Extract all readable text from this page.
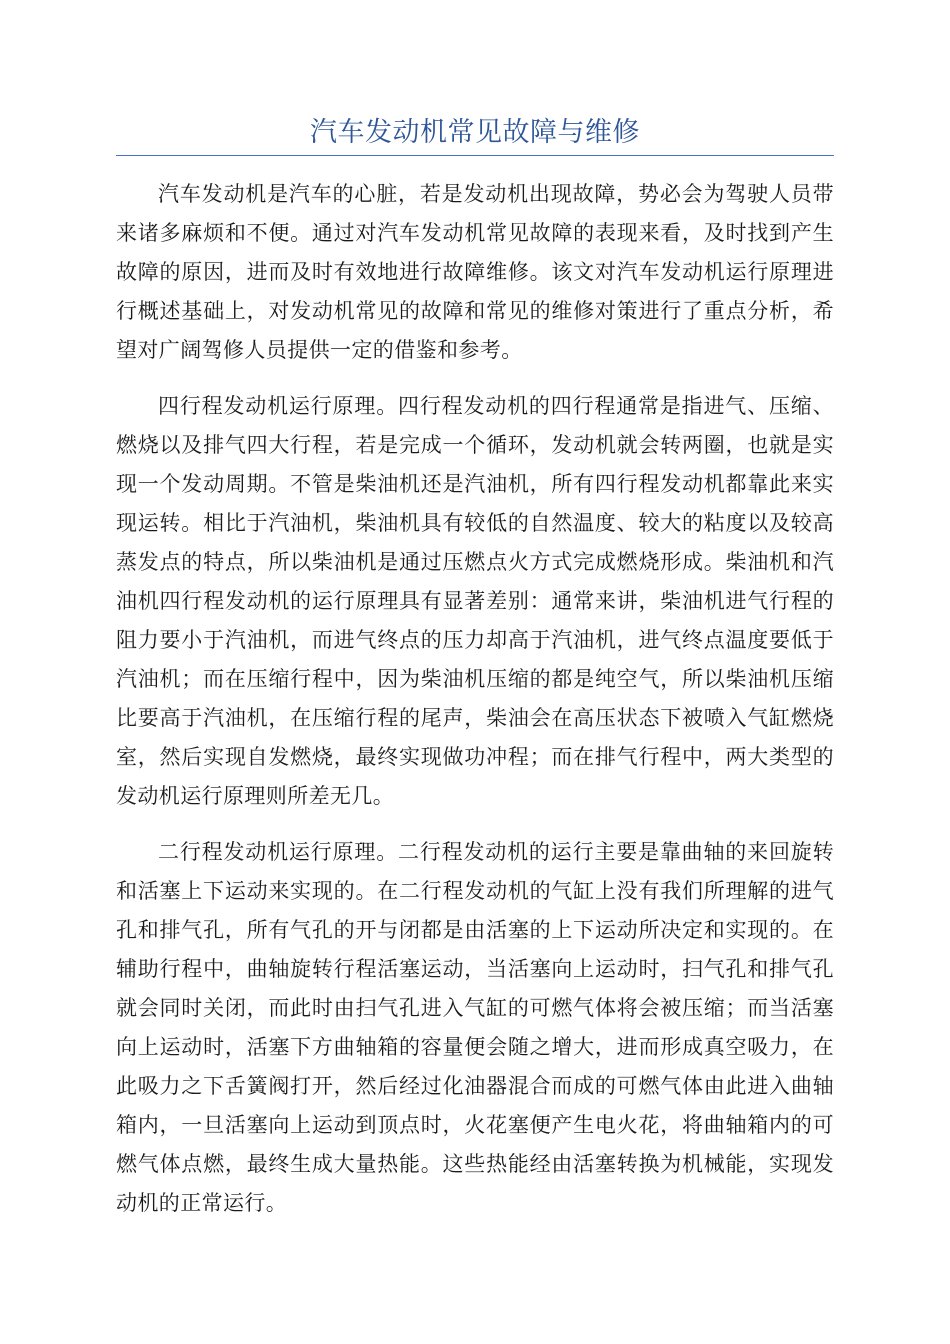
汽车发动机常见故障与维修

汽车发动机是汽车的心脏，若是发动机出现故障，势必会为驾驶人员带来诸多麻烦和不便。通过对汽车发动机常见故障的表现来看，及时找到产生故障的原因，进而及时有效地进行故障维修。该文对汽车发动机运行原理进行概述基础上，对发动机常见的故障和常见的维修对策进行了重点分析，希望对广阔驾修人员提供一定的借鉴和参考。

四行程发动机运行原理。四行程发动机的四行程通常是指进气、压缩、燃烧以及排气四大行程，若是完成一个循环，发动机就会转两圈，也就是实现一个发动周期。不管是柴油机还是汽油机，所有四行程发动机都靠此来实现运转。相比于汽油机，柴油机具有较低的自然温度、较大的粘度以及较高蒸发点的特点，所以柴油机是通过压燃点火方式完成燃烧形成。柴油机和汽油机四行程发动机的运行原理具有显著差别：通常来讲，柴油机进气行程的阻力要小于汽油机，而进气终点的压力却高于汽油机，进气终点温度要低于汽油机；而在压缩行程中，因为柴油机压缩的都是纯空气，所以柴油机压缩比要高于汽油机，在压缩行程的尾声，柴油会在高压状态下被喷入气缸燃烧室，然后实现自发燃烧，最终实现做功冲程；而在排气行程中，两大类型的发动机运行原理则所差无几。

二行程发动机运行原理。二行程发动机的运行主要是靠曲轴的来回旋转和活塞上下运动来实现的。在二行程发动机的气缸上没有我们所理解的进气孔和排气孔，所有气孔的开与闭都是由活塞的上下运动所决定和实现的。在辅助行程中，曲轴旋转行程活塞运动，当活塞向上运动时，扫气孔和排气孔就会同时关闭，而此时由扫气孔进入气缸的可燃气体将会被压缩；而当活塞向上运动时，活塞下方曲轴箱的容量便会随之增大，进而形成真空吸力，在此吸力之下舌簧阀打开，然后经过化油器混合而成的可燃气体由此进入曲轴箱内，一旦活塞向上运动到顶点时，火花塞便产生电火花，将曲轴箱内的可燃气体点燃，最终生成大量热能。这些热能经由活塞转换为机械能，实现发动机的正常运行。
